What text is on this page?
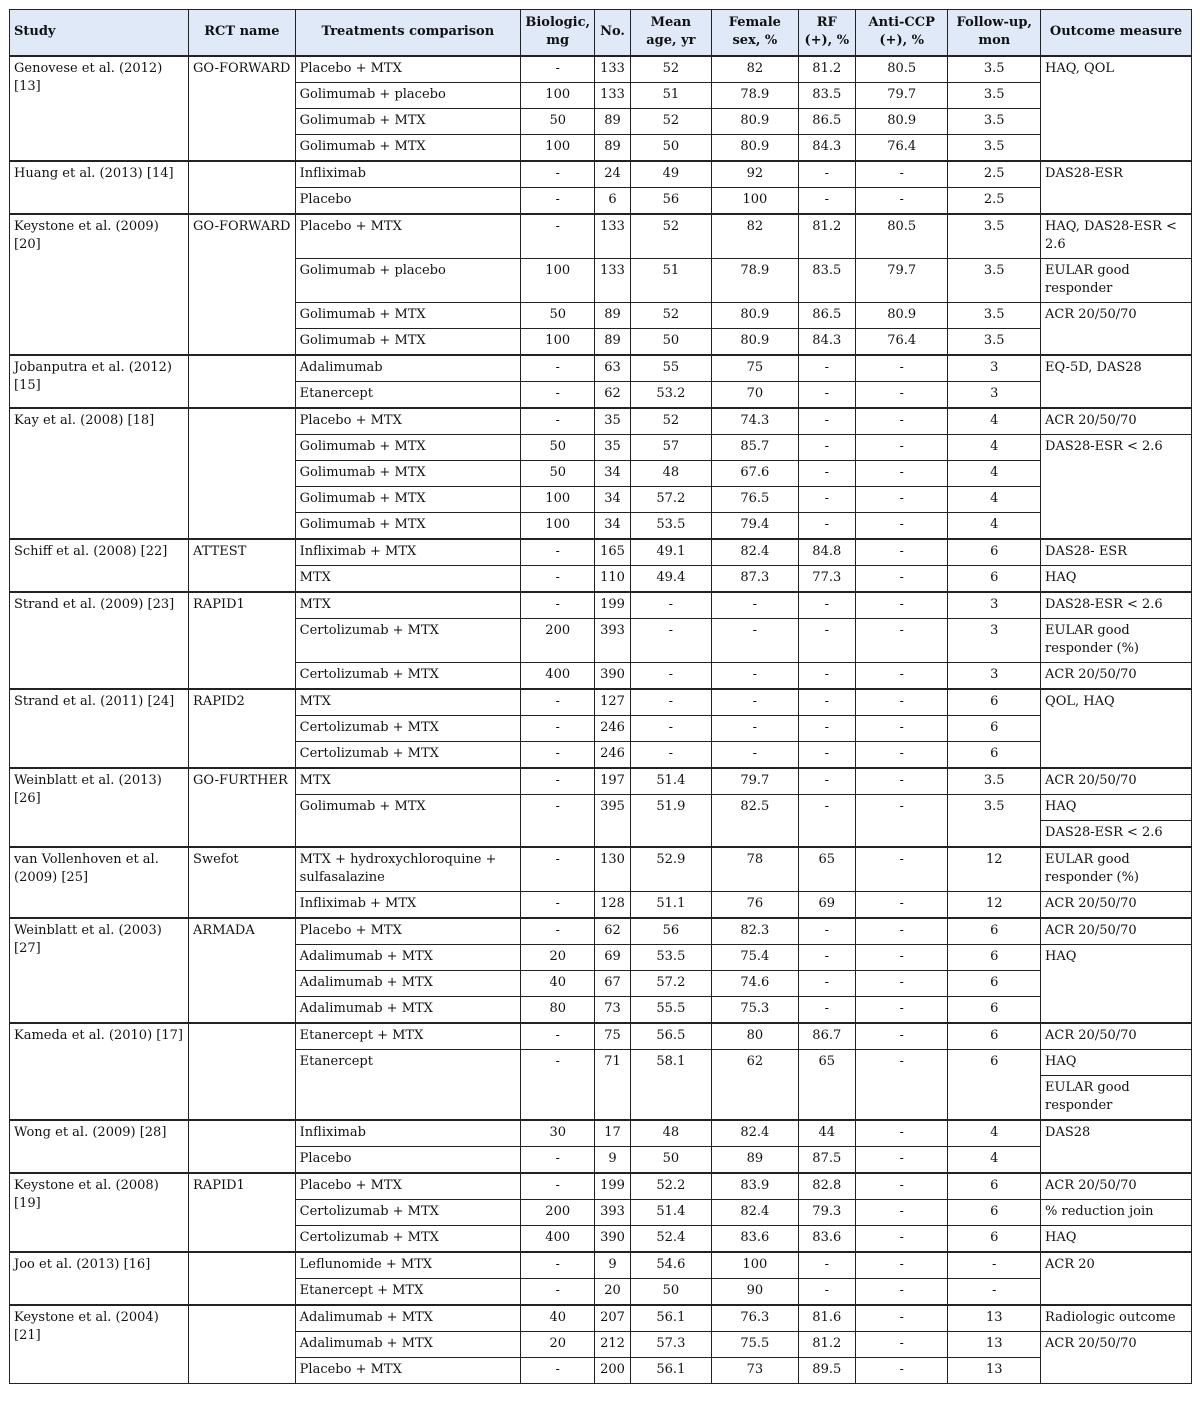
Study	RCT name	Treatments comparison	Biologic, mg	No.	Mean age, yr	Female sex, %	RF (+), %	Anti-CCP (+), %	Follow-up, mon	Outcome measure
Genovese et al. (2012) [13]	GO-FORWARD	Placebo + MTX	-	133	52	82	81.2	80.5	3.5	HAQ, QOL
		Golimumab + placebo	100	133	51	78.9	83.5	79.7	3.5	
		Golimumab + MTX	50	89	52	80.9	86.5	80.9	3.5	
		Golimumab + MTX	100	89	50	80.9	84.3	76.4	3.5	
Huang et al. (2013) [14]		Infliximab	-	24	49	92	-	-	2.5	DAS28-ESR
		Placebo	-	6	56	100	-	-	2.5	
Keystone et al. (2009) [20]	GO-FORWARD	Placebo + MTX	-	133	52	82	81.2	80.5	3.5	HAQ, DAS28-ESR < 2.6
		Golimumab + placebo	100	133	51	78.9	83.5	79.7	3.5	EULAR good responder
		Golimumab + MTX	50	89	52	80.9	86.5	80.9	3.5	ACR 20/50/70
		Golimumab + MTX	100	89	50	80.9	84.3	76.4	3.5	
Jobanputra et al. (2012) [15]		Adalimumab	-	63	55	75	-	-	3	EQ-5D, DAS28
		Etanercept	-	62	53.2	70	-	-	3	
Kay et al. (2008) [18]		Placebo + MTX	-	35	52	74.3	-	-	4	ACR 20/50/70
		Golimumab + MTX	50	35	57	85.7	-	-	4	DAS28-ESR < 2.6
		Golimumab + MTX	50	34	48	67.6	-	-	4	
		Golimumab + MTX	100	34	57.2	76.5	-	-	4	
		Golimumab + MTX	100	34	53.5	79.4	-	-	4	
Schiff et al. (2008) [22]	ATTEST	Infliximab + MTX	-	165	49.1	82.4	84.8	-	6	DAS28- ESR
		MTX	-	110	49.4	87.3	77.3	-	6	HAQ
Strand et al. (2009) [23]	RAPID1	MTX	-	199	-	-	-	-	3	DAS28-ESR < 2.6
		Certolizumab + MTX	200	393	-	-	-	-	3	EULAR good responder (%)
		Certolizumab + MTX	400	390	-	-	-	-	3	ACR 20/50/70
Strand et al. (2011) [24]	RAPID2	MTX	-	127	-	-	-	-	6	QOL, HAQ
		Certolizumab + MTX	-	246	-	-	-	-	6	
		Certolizumab + MTX	-	246	-	-	-	-	6	
Weinblatt et al. (2013) [26]	GO-FURTHER	MTX	-	197	51.4	79.7	-	-	3.5	ACR 20/50/70
		Golimumab + MTX	-	395	51.9	82.5	-	-	3.5	HAQ
										DAS28-ESR < 2.6
van Vollenhoven et al. (2009) [25]	Swefot	MTX + hydroxychloroquine + sulfasalazine	-	130	52.9	78	65	-	12	EULAR good responder (%)
		Infliximab + MTX	-	128	51.1	76	69	-	12	ACR 20/50/70
Weinblatt et al. (2003) [27]	ARMADA	Placebo + MTX	-	62	56	82.3	-	-	6	ACR 20/50/70
		Adalimumab + MTX	20	69	53.5	75.4	-	-	6	HAQ
		Adalimumab + MTX	40	67	57.2	74.6	-	-	6	
		Adalimumab + MTX	80	73	55.5	75.3	-	-	6	
Kameda et al. (2010) [17]		Etanercept + MTX	-	75	56.5	80	86.7	-	6	ACR 20/50/70
		Etanercept	-	71	58.1	62	65	-	6	HAQ
										EULAR good responder
Wong et al. (2009) [28]		Infliximab	30	17	48	82.4	44	-	4	DAS28
		Placebo	-	9	50	89	87.5	-	4	
Keystone et al. (2008) [19]	RAPID1	Placebo + MTX	-	199	52.2	83.9	82.8	-	6	ACR 20/50/70
		Certolizumab + MTX	200	393	51.4	82.4	79.3	-	6	% reduction join
		Certolizumab + MTX	400	390	52.4	83.6	83.6	-	6	HAQ
Joo et al. (2013) [16]		Leflunomide + MTX	-	9	54.6	100	-	-	-	ACR 20
		Etanercept + MTX	-	20	50	90	-	-	-	
Keystone et al. (2004) [21]		Adalimumab + MTX	40	207	56.1	76.3	81.6	-	13	Radiologic outcome
		Adalimumab + MTX	20	212	57.3	75.5	81.2	-	13	ACR 20/50/70
		Placebo + MTX	-	200	56.1	73	89.5	-	13	
